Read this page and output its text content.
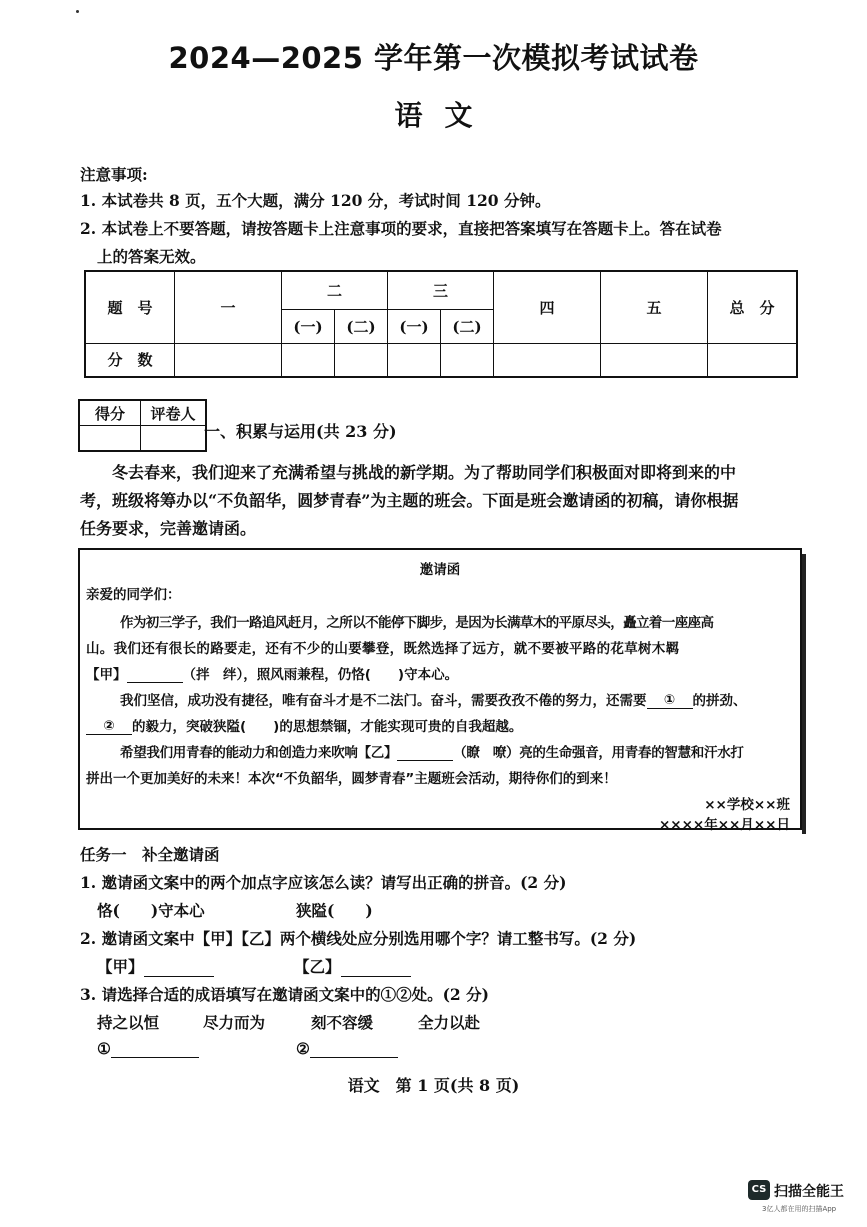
2024—2025 学年第一次模拟考试试卷
语文
注意事项:
1. 本试卷共 8 页，五个大题，满分 120 分，考试时间 120 分钟。
2. 本试卷上不要答题，请按答题卡上注意事项的要求，直接把答案填写在答题卡上。答在试卷
上的答案无效。
题　号	一	二		三		四	五	总　分
		(一)	(二)	(一)	(二)			
分　数								
得分	评卷人

一、积累与运用(共 23 分)

冬去春来，我们迎来了充满希望与挑战的新学期。为了帮助同学们积极面对即将到来的中

考，班级将筹办以“不负韶华，圆梦青春”为主题的班会。下面是班会邀请函的初稿，请你根据

任务要求，完善邀请函。

邀请函
亲爱的同学们：
作为初三学子，我们一路追风赶月，之所以不能停下脚步，是因为长满草木的平原尽头，矗立着一座座高
山。我们还有很长的路要走，还有不少的山要攀登，既然选择了远方，就不要被平路的花草树木羁
【甲】	（拌　绊），照风雨兼程，仍恪(　　)守本心。
我们坚信，成功没有捷径，唯有奋斗才是不二法门。奋斗，需要孜孜不倦的努力，还需要 ① 的拼劲、
② 的毅力，突破狭隘(　　)的思想禁锢，才能实现可贵的自我超越。
希望我们用青春的能动力和创造力来吹响【乙】	（瞭　嘹）亮的生命强音，用青春的智慧和汗水打
拼出一个更加美好的未来！本次“不负韶华，圆梦青春”主题班会活动，期待你们的到来！
××学校××班
××××年××月××日
任务一　补全邀请函
1. 邀请函文案中的两个加点字应该怎么读？请写出正确的拼音。(2 分)
恪(　　)守本心	狭隘(　　)
2. 邀请函文案中【甲】【乙】两个横线处应分别选用哪个字？请工整书写。(2 分)
【甲】	【乙】
3. 请选择合适的成语填写在邀请函文案中的①②处。(2 分)
持之以恒	尽力而为	刻不容缓	全力以赴
①	②
语文　第 1 页(共 8 页)
CS 扫描全能王
3亿人都在用的扫描App
